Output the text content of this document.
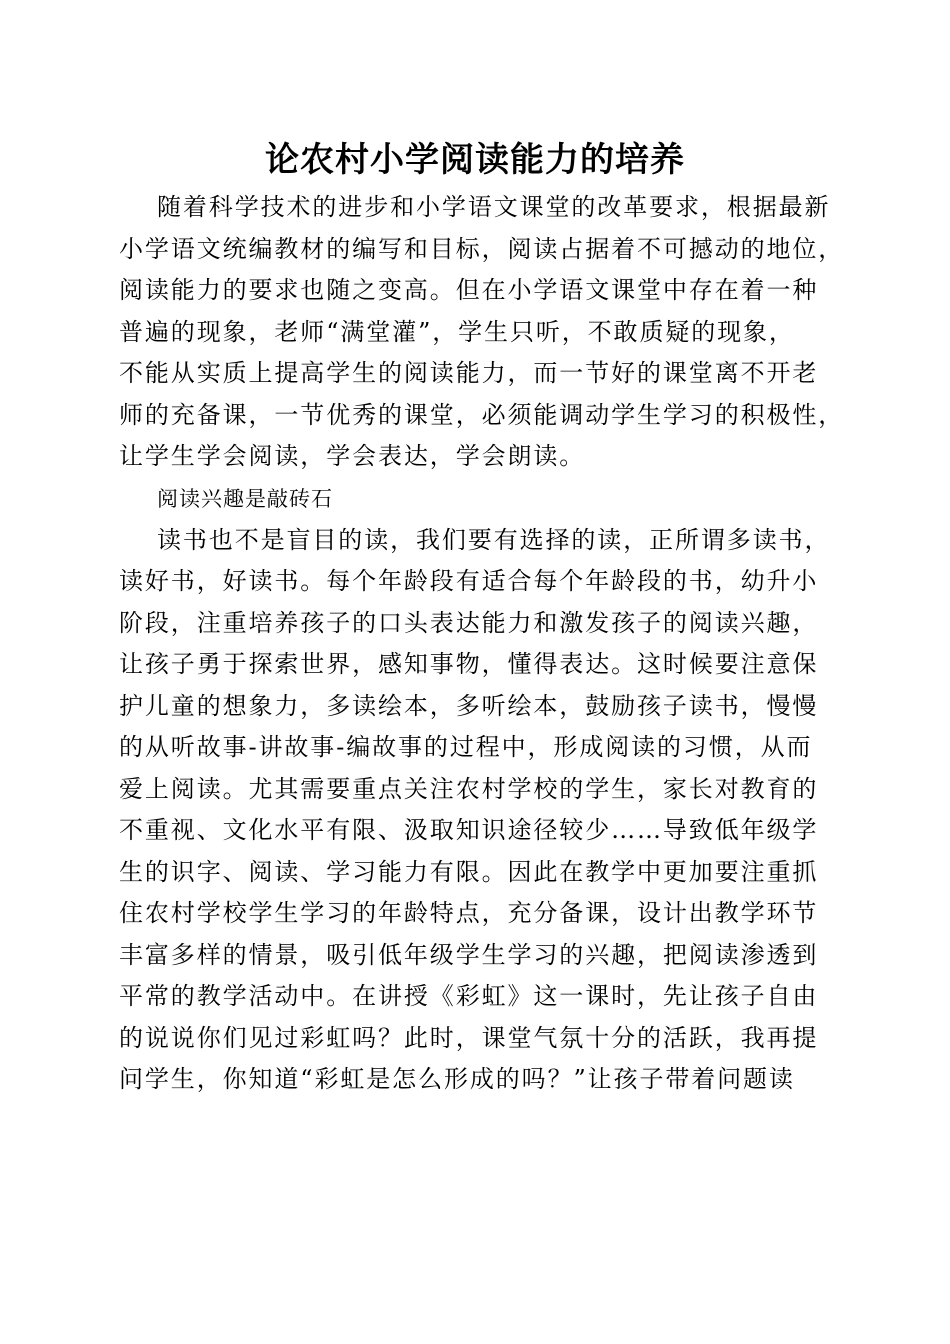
论农村小学阅读能力的培养
随着科学技术的进步和小学语文课堂的改革要求，根据最新
小学语文统编教材的编写和目标，阅读占据着不可撼动的地位，
阅读能力的要求也随之变高。但在小学语文课堂中存在着一种
普遍的现象，老师“满堂灌”，学生只听，不敢质疑的现象，
不能从实质上提高学生的阅读能力，而一节好的课堂离不开老
师的充备课，一节优秀的课堂，必须能调动学生学习的积极性，
让学生学会阅读，学会表达，学会朗读。

阅读兴趣是敲砖石

读书也不是盲目的读，我们要有选择的读，正所谓多读书，
读好书，好读书。每个年龄段有适合每个年龄段的书，幼升小
阶段，注重培养孩子的口头表达能力和激发孩子的阅读兴趣，
让孩子勇于探索世界，感知事物，懂得表达。这时候要注意保
护儿童的想象力，多读绘本，多听绘本，鼓励孩子读书，慢慢
的从听故事-讲故事-编故事的过程中，形成阅读的习惯，从而
爱上阅读。尤其需要重点关注农村学校的学生，家长对教育的
不重视、文化水平有限、汲取知识途径较少……导致低年级学
生的识字、阅读、学习能力有限。因此在教学中更加要注重抓
住农村学校学生学习的年龄特点，充分备课，设计出教学环节
丰富多样的情景，吸引低年级学生学习的兴趣，把阅读渗透到
平常的教学活动中。在讲授《彩虹》这一课时，先让孩子自由
的说说你们见过彩虹吗？此时，课堂气氛十分的活跃，我再提
问学生，你知道“彩虹是怎么形成的吗？”让孩子带着问题读
